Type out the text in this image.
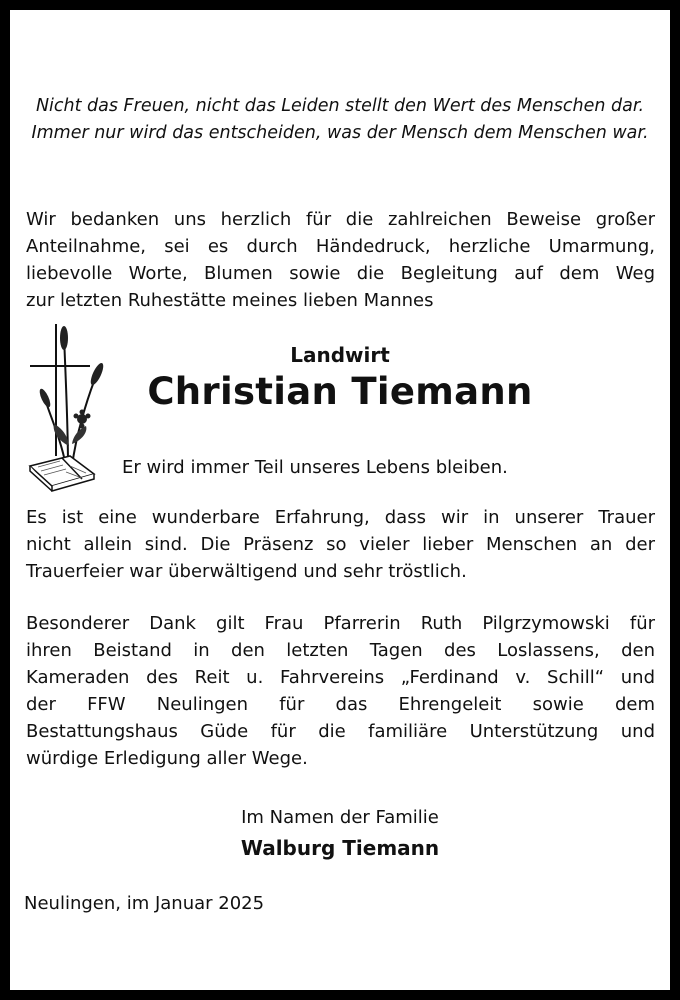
Nicht das Freuen, nicht das Leiden stellt den Wert des Menschen dar.
Immer nur wird das entscheiden, was der Mensch dem Menschen war.
Wir bedanken uns herzlich für die zahlreichen Beweise großer
Anteilnahme, sei es durch Händedruck, herzliche Umarmung,
liebevolle Worte, Blumen sowie die Begleitung auf dem Weg
zur letzten Ruhestätte meines lieben Mannes
Landwirt
Christian Tiemann
Er wird immer Teil unseres Lebens bleiben.
Es ist eine wunderbare Erfahrung, dass wir in unserer Trauer
nicht allein sind. Die Präsenz so vieler lieber Menschen an der
Trauerfeier war überwältigend und sehr tröstlich.
Besonderer Dank gilt Frau Pfarrerin Ruth Pilgrzymowski für
ihren Beistand in den letzten Tagen des Loslassens, den
Kameraden des Reit u. Fahrvereins „Ferdinand v. Schill“ und
der FFW Neulingen für das Ehrengeleit sowie dem
Bestattungshaus Güde für die familiäre Unterstützung und
würdige Erledigung aller Wege.
Im Namen der Familie
Walburg Tiemann
Neulingen, im Januar 2025
